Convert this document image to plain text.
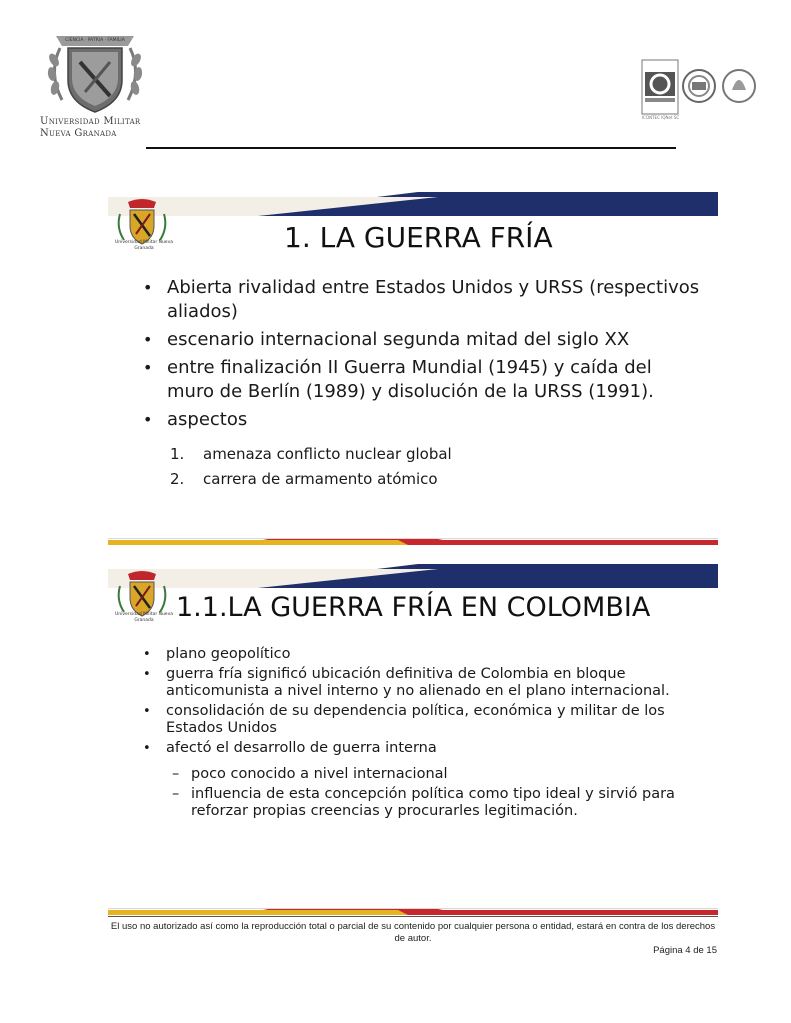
Universidad Militar
Nueva Granada
ICONTEC IQNet SC
CIENCIA · PATRIA · FAMILIA
Universidad Militar Nueva Granada	1. LA GUERRA FRÍA
• Abierta rivalidad entre Estados Unidos y URSS (respectivos aliados)
• escenario internacional segunda mitad del siglo XX
• entre finalización II Guerra Mundial (1945) y caída del muro de Berlín (1989) y disolución de la URSS (1991).
• aspectos
1. amenaza conflicto nuclear global
2. carrera de armamento atómico
Universidad Militar Nueva Granada 1.1.LA GUERRA FRÍA EN COLOMBIA
• plano geopolítico
• guerra fría significó ubicación definitiva de Colombia en bloque anticomunista a nivel interno y no alienado en el plano internacional.
• consolidación de su dependencia política, económica y militar de los Estados Unidos
• afectó el desarrollo de guerra interna
– poco conocido a nivel internacional
– influencia de esta concepción política como tipo ideal y sirvió para reforzar propias creencias y procurarles legitimación.
El uso no autorizado así como la reproducción total o parcial de su contenido por cualquier persona o entidad, estará en contra de los derechos de autor.
Página 4 de 15
